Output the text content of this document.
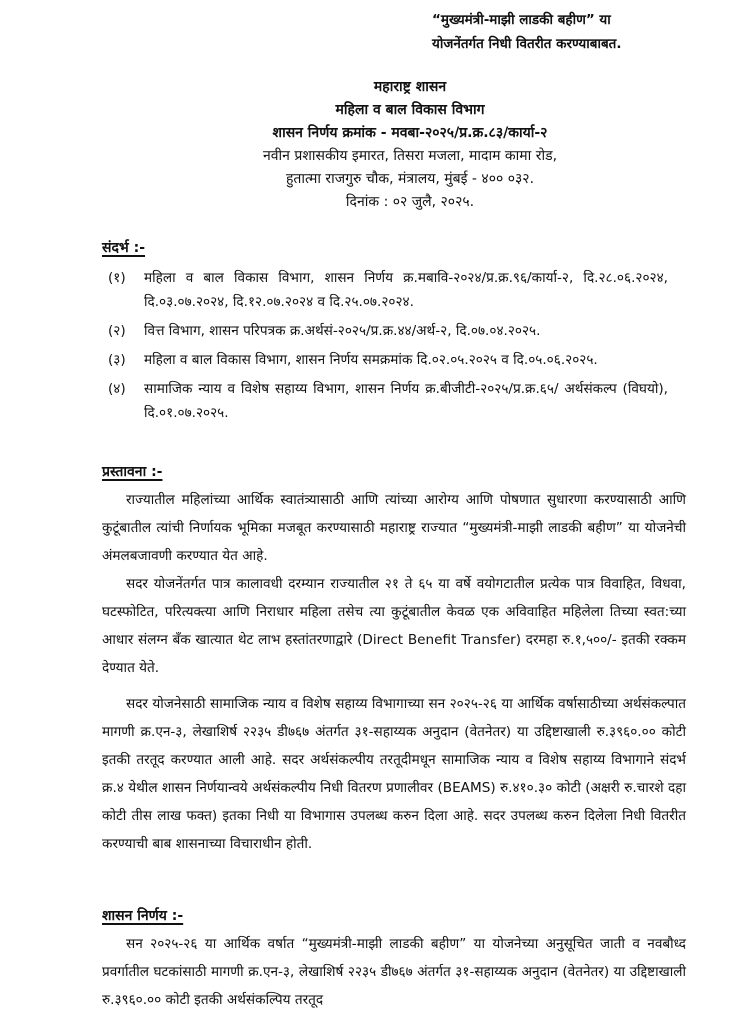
“मुख्यमंत्री-माझी लाडकी बहीण” या
योजनेंतर्गत निधी वितरीत करण्याबाबत.
महाराष्ट्र शासन
महिला व बाल विकास विभाग
शासन निर्णय क्रमांक - मवबा-२०२५/प्र.क्र.८३/कार्या-२
नवीन प्रशासकीय इमारत, तिसरा मजला, मादाम कामा रोड,
हुतात्मा राजगुरु चौक, मंत्रालय, मुंबई - ४०० ०३२.
दिनांक : ०२ जुलै, २०२५.
संदर्भ :-
(१)	महिला व बाल विकास विभाग, शासन निर्णय क्र.मबावि-२०२४/प्र.क्र.९६/कार्या-२, दि.२८.०६.२०२४, दि.०३.०७.२०२४, दि.१२.०७.२०२४ व दि.२५.०७.२०२४.
(२)	वित्त विभाग, शासन परिपत्रक क्र.अर्थसं-२०२५/प्र.क्र.४४/अर्थ-२, दि.०७.०४.२०२५.
(३)	महिला व बाल विकास विभाग, शासन निर्णय समक्रमांक दि.०२.०५.२०२५ व दि.०५.०६.२०२५.
(४)	सामाजिक न्याय व विशेष सहाय्य विभाग, शासन निर्णय क्र.बीजीटी-२०२५/प्र.क्र.६५/ अर्थसंकल्प (विघयो), दि.०१.०७.२०२५.
प्रस्तावना :-

राज्यातील महिलांच्या आर्थिक स्वातंत्र्यासाठी आणि त्यांच्या आरोग्य आणि पोषणात सुधारणा करण्यासाठी आणि कुटूंबातील त्यांची निर्णायक भूमिका मजबूत करण्यासाठी महाराष्ट्र राज्यात “मुख्यमंत्री-माझी लाडकी बहीण” या योजनेची अंमलबजावणी करण्यात येत आहे.

सदर योजनेंतर्गत पात्र कालावधी दरम्यान राज्यातील २१ ते ६५ या वर्षे वयोगटातील प्रत्येक पात्र विवाहित, विधवा, घटस्फोटित, परित्यक्त्या आणि निराधार महिला तसेच त्या कुटूंबातील केवळ एक अविवाहित महिलेला तिच्या स्वत:च्या आधार संलग्न बँक खात्यात थेट लाभ हस्तांतरणाद्वारे (Direct Benefit Transfer) दरमहा रु.१,५००/- इतकी रक्कम देण्यात येते.

सदर योजनेसाठी सामाजिक न्याय व विशेष सहाय्य विभागाच्या सन २०२५-२६ या आर्थिक वर्षासाठीच्या अर्थसंकल्पात मागणी क्र.एन-३, लेखाशिर्ष २२३५ डी७६७ अंतर्गत ३१-सहाय्यक अनुदान (वेतनेतर) या उद्दिष्टाखाली रु.३९६०.०० कोटी इतकी तरतूद करण्यात आली आहे. सदर अर्थसंकल्पीय तरतूदीमधून सामाजिक न्याय व विशेष सहाय्य विभागाने संदर्भ क्र.४ येथील शासन निर्णयान्वये अर्थसंकल्पीय निधी वितरण प्रणालीवर (BEAMS) रु.४१०.३० कोटी (अक्षरी रु.चारशे दहा कोटी तीस लाख फक्त) इतका निधी या विभागास उपलब्ध करुन दिला आहे. सदर उपलब्ध करुन दिलेला निधी वितरीत करण्याची बाब शासनाच्या विचाराधीन होती.

शासन निर्णय :-

सन २०२५-२६ या आर्थिक वर्षात “मुख्यमंत्री-माझी लाडकी बहीण” या योजनेच्या अनुसूचित जाती व नवबौध्द प्रवर्गातील घटकांसाठी मागणी क्र.एन-३, लेखाशिर्ष २२३५ डी७६७ अंतर्गत ३१-सहाय्यक अनुदान (वेतनेतर) या उद्दिष्टाखाली रु.३९६०.०० कोटी इतकी अर्थसंकल्पिय तरतूद
